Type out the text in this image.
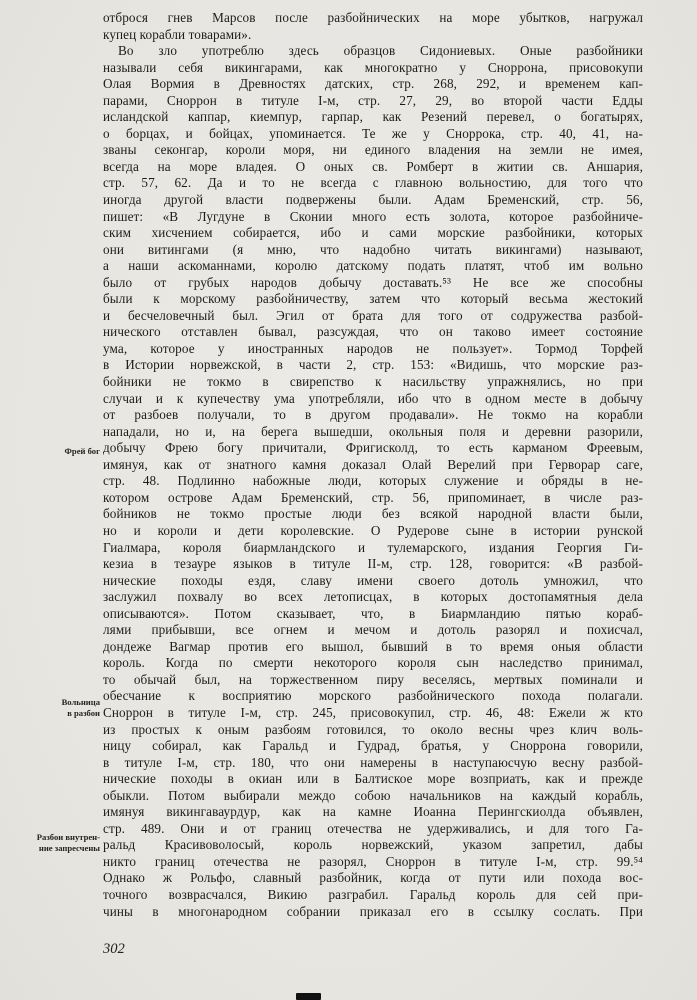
отброся гнев Марсов после разбойнических на море убытков, нагружал
купец корабли товарами».
Во зло употреблю здесь образцов Сидониевых. Оные разбойники
называли себя викингарами, как многократно у Сноррона, присовокупи
Олая Вормия в Древностях датских, стр. 268, 292, и временем кап-
парами, Сноррон в титуле I-м, стр. 27, 29, во второй части Едды
исландской каппар, киемпур, гарпар, как Резений перевел, о богатырях,
о борцах, и бойцах, упоминается. Те же у Сноррока, стр. 40, 41, на-
званы секонгар, короли моря, ни единого владения на земли не имея,
всегда на море владея. О оных св. Ромберт в житии св. Аншария,
стр. 57, 62. Да и то не всегда с главною вольностию, для того что
иногда другой власти подвержены были. Адам Бременский, стр. 56,
пишет: «В Лугдуне в Сконии много есть золота, которое разбойниче-
ским хисчением собирается, ибо и сами морские разбойники, которых
они витингами (я мню, что надобно читать викингами) называют,
а наши аскоманнами, королю датскому подать платят, чтоб им вольно
было от грубых народов добычу доставать.⁵³ Не все же способны
были к морскому разбойничеству, затем что который весьма жестокий
и бесчеловечный был. Эгил от брата для того от содружества разбой-
нического отставлен бывал, разсуждая, что он таково имеет состояние
ума, которое у иностранных народов не пользует». Тормод Торфей
в Истории норвежской, в части 2, стр. 153: «Видишь, что морские раз-
бойники не токмо в свирепство к насильству упражнялись, но при
случаи и к купечеству ума употребляли, ибо что в одном месте в добычу
от разбоев получали, то в другом продавали». Не токмо на корабли
нападали, но и, на берега вышедши, окольныя поля и деревни разорили,
добычу Фрею богу причитали, Фригисколд, то есть карманом Фреевым,
имянуя, как от знатного камня доказал Олай Верелий при Герворар саге,
стр. 48. Подлинно набожные люди, которых служение и обряды в не-
котором острове Адам Бременский, стр. 56, припоминает, в числе раз-
бойников не токмо простые люди без всякой народной власти были,
но и короли и дети королевские. О Рудерове сыне в истории рунской
Гиалмара, короля биармландского и тулемарского, издания Георгия Ги-
кезиа в тезауре языков в титуле II-м, стр. 128, говорится: «В разбой-
нические походы ездя, славу имени своего дотоль умножил, что
заслужил похвалу во всех летописцах, в которых достопамятныя дела
описываются». Потом сказывает, что, в Биармландию пятью кораб-
лями прибывши, все огнем и мечом и дотоль разорял и похисчал,
дондеже Вагмар против его вышол, бывший в то время оныя области
король. Когда по смерти некоторого короля сын наследство принимал,
то обычай был, на торжественном пиру веселясь, мертвых поминали и
обесчание к восприятию морского разбойнического похода полагали.
Сноррон в титуле I-м, стр. 245, присовокупил, стр. 46, 48: Ежели ж кто
из простых к оным разбоям готовился, то около весны чрез клич воль-
ницу собирал, как Гаральд и Гудрад, братья, у Сноррона говорили,
в титуле I-м, стр. 180, что они намерены в наступаюсчую весну разбой-
нические походы в окиан или в Балтиское море возприать, как и прежде
обыкли. Потом выбирали междо собою начальников на каждый корабль,
имянуя викингаваурдур, как на камне Иоанна Перингскиолда объявлен,
стр. 489. Они и от границ отечества не удерживались, и для того Га-
ральд Красивоволосый, король норвежский, указом запретил, дабы
никто границ отечества не разорял, Сноррон в титуле I-м, стр. 99.⁵⁴
Однако ж Рольфо, славный разбойник, когда от пути или похода вос-
точного возврасчался, Викию разграбил. Гаральд король для сей при-
чины в многонародном собрании приказал его в ссылку сослать. При
Фрей бог
Вольница
в разбои
Разбои внутрен-
ние запресчены
302
